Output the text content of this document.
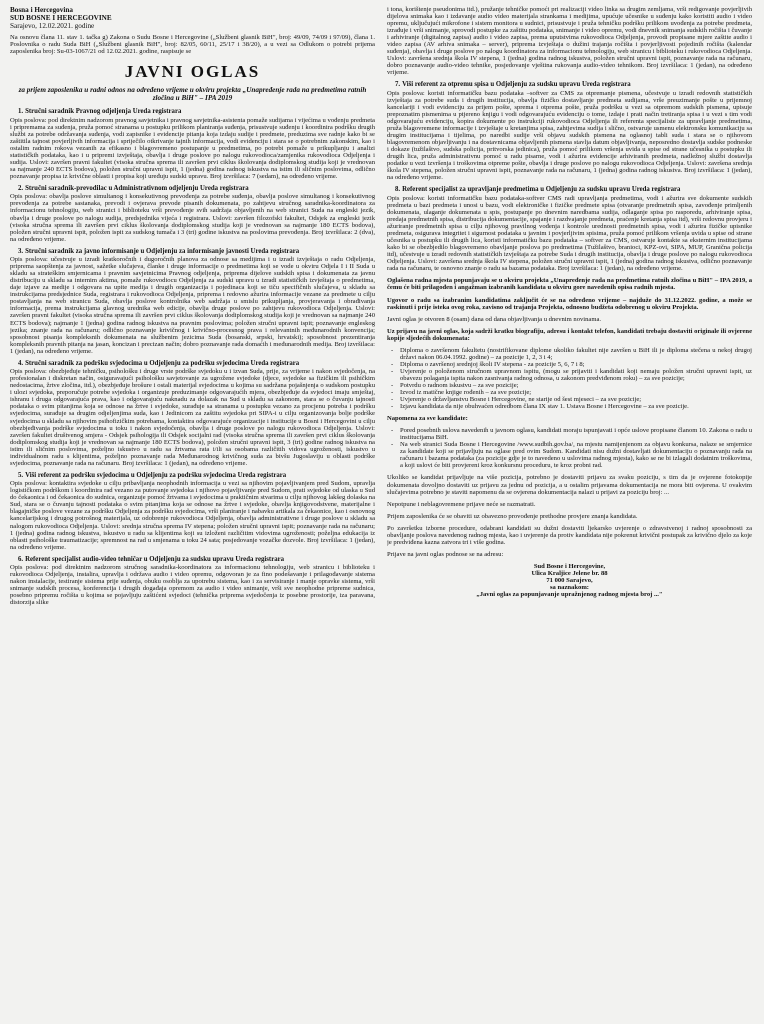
Bosna i Hercegovina
SUD BOSNE I HERCEGOVINE
Sarajevo, 12.02.2021. godine

Na osnovu člana 11. stav 1. tačka g) Zakona o Sudu Bosne i Hercegovine („Službeni glasnik BiH", broj: 49/09, 74/09 i 97/09), člana 1. Poslovnika o radu Suda BiH („Službeni glasnik BiH", broj: 82/05, 60/11, 25/17 i 38/20), a u vezi sa Odlukom o potrebi prijema zaposlenika broj: Su-03-1067/21 od 12.02.2021. godine, raspisuje se

JAVNI OGLAS

za prijem zaposlenika u radni odnos na određeno vrijeme u okviru projekta „Unapređenje rada na predmetima ratnih zločina u BiH" – IPA 2019

1. Stručni saradnik Pravnog odjeljenja Ureda registrara

Opis poslova: pod direktnim nadzorom pravnog savjetnika i pravnog savjetnika-asistenta pomaže sudijama i vijećima u vođenju predmeta i pripremama za suđenja, pruža pomoć stranama u postupku prilikom planiranja suđenja, prisustvuje suđenju i koordinira podršku drugih službi za potrebe održavanja suđenja, vodi zapisnike i evidencije pitanja koja izdaju sudije i predmete, preduzima sve radnje kako bi se zaštitila tajnost povjerljivih informacija i spriječilo otkrivanje tajnih informacija, vodi evidenciju i stara se o potrebnim zakonskim, kao i ostalim radnim rokova vezanih za efikasno i blagovremeno postupanje u predmetima, po potrebi pomaže u prikupljanju i analizi statističkih podataka, kao i u pripremi izvještaja, obavlja i druge poslove po nalogu rukovodioca/zamjenika rukovodioca Odjeljenja i sudija. Uslovi: završen pravni fakultet (visoka stručna sprema ili završen prvi ciklus školovanja dodiplomskog studija koji je vrednovan sa najmanje 240 ECTS bodova), položen stručni upravni ispit, 1 (jedna) godina radnog iskustva na istim ili sličnim poslovima, odlično poznavanje propisa iz krivične oblasti i propisa koji uređuju sudski upravu. Broj izvršilaca: 7 (sedam), na određeno vrijeme.

2. Stručni saradnik-prevodilac u Administrativnom odjeljenju Ureda registrara

Opis poslova: obavlja poslove simultanog i konsekutivnog prevođenja za potrebe suđenja, obavlja poslove simultanog i konsekutivnog prevođenja za potrebe sastanaka, prevodi i ovjerava prevode pisanih dokumenata, po zahtjevu stručnog saradnika-koordinatora za informacionu tehnologiju, web stranici i biblioteku vrši prevođenje svih sadržaja objavljenih na web stranici Suda na engleski jezik, obavlja i druge poslove po nalogu sudija, predsjednika vijeća i registrara. Uslovi: završen filozofski fakultet, Odsjek za engleski jezik (visoka stručna sprema ili završen prvi ciklus školovanja dodiplomskog studija koji je vrednovan sa najmanje 180 ECTS bodova), položen stručni upravni ispit, položen ispit za sudskog tumača i 3 (tri) godine iskustva na poslovima prevođenja. Broj izvršilaca: 2 (dva), na određeno vrijeme.

3. Stručni saradnik za javno informisanje u Odjeljenju za informisanje javnosti Ureda registrara

Opis poslova: učestvuje u izradi kratkoročnih i dugoročnih planova za odnose sa medijima i u izradi izvještaja o radu Odjeljenja, priprema saopštenja za javnost, sažetke slučajeva, članke i druge informacije o predmetima koji se vode u okviru Odjela I i II Suda u skladu sa strateškim smjernicama i pravnim savjetnicima Pravnog odjeljenja, priprema dijelove sudskih spisa i dokumenata za javnu distribuciju u skladu sa internim aktima, pomaže rukovodiocu Odjeljenja za sudski upravu u izradi statističkih izvještaja o predmetima, daje izjave za medije i odgovara na upite medija i drugih organizacija i pojedinaca koji se tiču specifičnih slučajeva, u skladu sa instrukcijama predsjednice Suda, registrara i rukovodioca Odjeljenja, priprema i redovno ažurira informacije vezane za predmete u cilju postavljanja na web stranicu Suda, obavlja poslove kontrolnika web sadržaja u smislu prikupljanja, provjeravanja i obrađivanja informacija, prema instrukcijama glavnog urednika web edicije, obavlja druge poslove po zahtjevu rukovodioca Odjeljenja. Uslovi: završen pravni fakultet (visoka stručna sprema ili završen prvi ciklus školovanja dodiplomskog studija koji je vrednovan sa najmanje 240 ECTS bodova); najmanje 1 (jedna) godina radnog iskustva na pravnim poslovima; položen stručni upravni ispit; poznavanje engleskog jezika; znanje rada na računaru; odlično poznavanje krivičnog i krivično-procesnog prava i relevantnih međunarodnih konvencija; sposobnost pisanja kompleksnih dokumenata na službenim jezicima Suda (bosanski, srpski, hrvatski); sposobnost prezentiranja kompleksnih pravnih pitanja na jasan, koncizan i precizan način; dobro poznavanje rada domaćih i međunarodnih medija. Broj izvršilaca: 1 (jedan), na određeno vrijeme.

4. Stručni saradnik za podršku svjedocima u Odjeljenju za podršku svjedocima Ureda registrara

Opis poslova: obezbjeđuje tehničku, psihološku i druge vrste podrške svjedoku u i izvan Suda, prije, za vrijeme i nakon svjedočenja, na profesionalan i diskretan način, osiguravajući psihološku savjetovanje za ugrožene svjedoke (djece, svjedoke sa fizičkim ili psihičkim nedostacima, žrtve zločina, itd.), obezbjeđuje brošure i ostali materijal svjedocima u kojima su sadržana pojašnjenja o sudskom postupku i ulozi svjedoka, preporučuje potrebe svjedoka i organizuje preduzimanje odgovarajućih mjera, obezbjeđuje da svjedoci imaju smještaj, ishranu i druga odgovarajuća prava, kao i odgovarajuću naknadu za dolazak na Sud u skladu sa zakonom, stara se o čuvanju tajnosti podataka o svim pitanjima koja se odnose na žrtve i svjedoke, surađuje sa stranama u postupku vezano za procjenu potreba i podršku svjedocima, surađuje sa drugim odjeljenjima suda, kao i Jedinicom za zaštitu svjedoka pri SIPA-i u cilju organizovanja bolje podrške svjedocima u skladu sa njihovim psihofizičkim potrebama, kontaktira odgovarajuće organizacije i institucije u Bosni i Hercegovini u cilju obezbjeđivanja podrške svjedocima u toku i nakon svjedočenja, obavlja i druge poslove po nalogu rukovodioca Odjeljenja. Uslovi: završen fakultet društvenog smjera - Odsjek psihologija ili Odsjek socijalni rad (visoka stručna sprema ili završen prvi ciklus školovanja dodiplomskog studija koji je vrednovan sa najmanje 180 ECTS bodova), položen stručni upravni ispit, 3 (tri) godine radnog iskustva na istim ili sličnim poslovima, poželjno iskustvo u radu sa žrtvama rata i/ili sa osobama različitih vidova ugroženosti, iskustvo u individualnom radu s klijentima, poželjno poznavanje rada Međunarodnog krivičnog suda za bivšu Jugoslaviju u oblasti podrške svjedocima, poznavanje rada na računaru. Broj izvršilaca: 1 (jedan), na određeno vrijeme.

5. Viši referent za podršku svjedocima u Odjeljenju za podršku svjedocima Ureda registrara

Opis poslova: kontaktira svjedoke u cilju pribavljanja neophodnih informacija u vezi sa njihovim pojavljivanjem pred Sudom, upravlja logističkom podrškom i koordinira rad vezano za putovanje svjedoka i njihovo pojavljivanje pred Sudom, prati svjedoke od ulaska u Sud do čekaonica i od čekaonica do sudnica, organizuje pomoć žrtvama i svjedocima u praktičnim stvarima u cilju njihovog lakšeg dolaska na Sud, stara se o čuvanju tajnosti podataka o svim pitanjima koja se odnose na žrtve i svjedoke, obavlja knjigovodstvene, materijalne i blagajničke poslove vezane za podršku Odjeljenja za podršku svjedocima, vrši planiranje i nabavku artikala za čekaonice, kao i osnovnog kancelarijskog i drugog potrošnog materijala, uz odobrenje rukovodioca Odjeljenja, obavlja administrativne i druge poslove u skladu sa nalogom rukovodioca Odjeljenja. Uslovi: srednja stručna sprema IV stepena; položen stručni upravni ispit; poznavanje rada na računaru; 1 (jedna) godina radnog iskustva, iskustvo u radu sa klijentima koji su izloženi različitim vidovima ugroženosti; poželjna edukacija iz oblasti psihološke traumatizacije; spremnost na rad u smjenama u toku 24 sata; posjedovanje vozačke dozvole. Broj izvršilaca: 1 (jedan), na određeno vrijeme.

6. Referent specijalist audio-video tehničar u Odjeljenju za sudsku upravu Ureda registrara

Opis poslova: pod direktnim nadzorom stručnog saradnika-koordinatora za informacionu tehnologiju, web stranicu i biblioteku i rukovodioca Odjeljenja, instalira, upravlja i održava audio i video opremu, odgovoran je za fino podešavanje i prilagođavanje sistema nakon instalacije, testiranje sistema prije suđenja, obuku osoblja za upotrebu sistema, kao i za servisiranje i manje opravke sistema, vrši snimanje sudskih procesa, konferencija i drugih događaja opremom za audio i video snimanje, vrši sve neophodne pripreme sudnica, posebno pripremu ročišta u kojima se pojavljuju zaštićeni svjedoci (tehnička priprema svjedočenja iz posebne prostorije, iza paravana, distorzija slike

i tona, korištenje pseudonima itd.), pružanje tehničke pomoći pri realizaciji video linka sa drugim zemljama, vrši redigovanje povjerljivih dijelova snimaka kao i izdavanje audio video materijala strankama i medijima, upućuje učesnike u suđenju kako koristiti audio i video opremu, uključujući mikrofone i sistem monitora u sudnici, prisustvuje i pruža tehničku podršku prilikom uvođenja za potrebe predmeta, izrađuje i vrši snimanje, sprovodi postupke za zaštitu podataka, snimanje i video opremu, vodi dnevnik snimanja sudskih ročišta i čuvanje i arhiviranje (digitalnog zapisa) audio i video zapisa, prema uputstvima rukovodioca Odjeljenja, provodi propisane mjere zaštite audio i video zapisa (AV arhiva snimaka – server), priprema izvještaja o dužini trajanja ročišta i povjerljivosti pojedinih ročišta (kalendar suđenja), obavlja i druge poslove po nalogu koordinatora za informacionu tehnologiju, web stranicu i biblioteku i rukovodioca Odjeljenja. Uslovi: završena srednja škola IV stepena, 1 (jedna) godina radnog iskustva, položen stručni upravni ispit, poznavanje rada na računaru, dobro poznavanje audio-video tehnike, posjedovanje vještina rukovanja audio-video tehnikom. Broj izvršilaca: 1 (jedan), na određeno vrijeme.

7. Viši referent za otpremu spisa u Odjeljenju za sudsku upravu Ureda registrara

Opis poslova: koristi informatičku bazu podataka –softver za CMS za otpremanje pismena, učestvuje u izradi redovnih statističkih izvještaja za potrebe suda i drugih institucija, obavlja fizičko dostavljanje predmeta sudijama, vrše preuzimanje pošte u prijemnoj kancelariji i vodi evidenciju za prijem pošte, sprema i otprema pošte, pruža podršku u vezi sa otpremom sudskih pismena, upisuje prepoznatim pismenima u ptjereno knjigu i vodi odgovarajuću evidenciju o tome, izdaje i prati način tretiranja spisa i u vezi s tim vodi odgovarajuću evidenciju, kopira dokumente po instrukciji rukovodioca Odjeljenja ili referenta specijaliste za upravljanje predmetima, pruža blagovremene informacije i izvještaje u kretanjima spisa, zahtjevima sudija i slično, ostvaruje usmenu elektronsku komunikaciju sa drugim institucijama i tijelima, po naredbi sudije vrši objavu sudskih pismena na oglasnoj tabli suda i stara se o njihovom blagovremenom objavljivanju i na dostavnicama objavljenih pismena stavlja datum objavljivanja, neposredno dostavlja sudske podneske i dokaze (tužilaštvo, sudska policija, pritvorska jedinica), pruža pomoć prilikom vršenja uvida u spise od strane učesnika u postupku ili drugih lica, pruža administrativnu pomoć u radu pisarne, vodi i ažurira evidencije arhiviranih predmeta, nadležnoj službi dostavlja podatke u vezi izvršenja i troškovima otpreme pošte, obavlja i druge poslove po nalogu rukovodioca Odjeljenja. Uslovi: završena srednja škola IV stepena, položen stručni upravni ispit, poznavanje rada na računaru, 1 (jedna) godina radnog iskustva. Broj izvršilaca: 1 (jedan), na određeno vrijeme.

8. Referent specijalist za upravljanje predmetima u Odjeljenju za sudsku upravu Ureda registrara

Opis poslova: koristi informatičku bazu podataka-softver CMS radi upravljanja predmetima, vodi i ažurira sve dokumente sudskih predmeta u bazi predmeta i unosi u bazu, vodi elektroničke i fizičke predmete spisa (otvaranje predmetnih spisa, zavođenje primljenih dokumenata, ulaganje dokumenata u spis, postupanje po dnevnim naredbama sudija, odlaganje spisa po rasporedu, arhiviranje spisa, predaja predmetnih spisa, distribucija dokumentacije, spajanje i razdvajanje predmeta, praćenje kretanja spisa itd), vrši redovnu provjeru i ažuriranje predmetnih spisa u cilju njihovog pravilnog vođenja i kontrole urednosti predmetnih spisa, vodi i ažurira fizičke upisnike predmeta, osigurava integritet i sigurnost podataka u javnim i povjerljivim spisima, pruža pomoć prilikom vršenja uvida u spise od strane učesnika u postupku ili drugih lica, koristi informatičku bazu podataka – softver za CMS, ostvaruje kontakte sa eksternim institucijama kako bi se obezbjedilo blagovremeno obavljanje poslova po predmetima (Tužilaštvo, branioci, KPZ-ovi, SIPA, MUP, Granična policija itd), učestvuje u izradi redovnih statističkih izvještaja za potrebe Suda i drugih institucija, obavlja i druge poslove po nalogu rukovodioca Odjeljenja. Uslovi: završena srednja škola IV stepena, položen stručni upravni ispit, 1 (jedna) godina radnog iskustva, odlično poznavanje rada na računaru, te osnovno znanje o radu sa bazama podataka. Broj izvršilaca: 1 (jedan), na određeno vrijeme.

Oglašena radna mjesta popunjavaju se u okviru projekta „Unapređenje rada na predmetima ratnih zločina u BiH" – IPA 2019, a čemu će biti prilagođen i angažman izabranih kandidata u okviru gore navedenih opisa radnih mjesta.

Ugovor o radu sa izabranim kandidatima zaključit će se na određeno vrijeme – najduže do 31.12.2022. godine, a može se raskinuti i prije isteka ovog roka, zavisno od trajanja Projekta, odnosno budžeta odobrenog u okviru Projekta.

Javni oglas je otvoren 8 (osam) dana od dana objavljivanja u dnevnim novinama.

Uz prijavu na javni oglas, koja sadrži kratku biografiju, adresu i kontakt telefon, kandidati trebaju dostaviti originale ili ovjerene kopije sljedećih dokumenata:

- Diploma o završenom fakultetu (nostrifikovane diplome ukoliko fakultet nije završen u BiH ili je diploma stečena u nekoj drugoj državi nakon 06.04.1992. godine) – za pozicije 1, 2, 3 i 4;
- Diploma o završenoj srednjoj školi IV stepena - za pozicije 5, 6, 7 i 8;
- Uvjerenje o položenom stručnom upravnom ispitu, (mogu se prijaviti i kandidati koji nemaju položen stručni upravni ispit, uz obavezu polaganja ispita nakon zasnivanja radnog odnosa, u zakonom predviđenom roku) – za sve pozicije;
- Potvrdu o radnom iskustvu – za sve pozicije;
- Izvod iz matične knjige rođenih – za sve pozicije;
- Uvjerenje o državljanstvu Bosne i Hercegovine, ne starije od šest mjeseci – za sve pozicije;
- Izjavu kandidata da nije obuhvaćen odredbom člana IX stav 1. Ustava Bosne i Hercegovine – za sve pozicije.

Napomena za sve kandidate:

- Pored posebnih uslova navedenih u javnom oglasu, kandidati moraju ispunjavati i opće uslove propisane članom 10. Zakona o radu u institucijama BiH.
- Na web stranici Suda Bosne i Hercegovine /www.sudbih.gov.ba/, na mjestu namijenjenom za objavu konkursa, nalaze se smjernice za kandidate koji se prijavljuju na oglase pred ovim Sudom. Kandidati nisu dužni dostavljati dokumentaciju o poznavanju rada na računaru i bazama podataka (za pozicije gdje je to navedeno u uslovima radnog mjesta), kako se ne bi izlagali dodatnim troškovima, a koji uslovi će biti provjereni kroz konkursnu proceduru, te kroz probni rad.

Ukoliko se kandidat prijavljuje na više pozicija, potrebno je dostaviti prijavu za svaku poziciju, s tim da je ovjerene fotokopije dokumenata dovoljno dostaviti uz prijavu za jednu od pozicija, a u ostalim prijavama dokumentacija ne mora biti ovjerena. U ovakvim slučajevima potrebno je staviti napomenu da se ovjerena dokumentacija nalazi u prijavi za poziciju broj: ...

Nepotpune i neblagovremene prijave neće se razmatrati.

Prijem zaposlenika će se obaviti uz obavezno provođenje prethodne provjere znanja kandidata.

Po završetku izborne procedure, odabrani kandidati su dužni dostaviti ljekarsko uvjerenje o zdravstvenoj i radnoj sposobnosti za obavljanje poslova navedenog radnog mjesta, kao i uvjerenje da protiv kandidata nije pokrenut krivični postupak za krivično djelo za koje je predviđena kazna zatvora tri i više godina.

Prijave na javni oglas podnose se na adresu:

Sud Bosne i Hercegovine,
Ulica Kraljice Jelene br. 88
71 000 Sarajevo,
sa naznakom:
„Javni oglas za popunjavanje upražnjenog radnog mjesta broj ..."
